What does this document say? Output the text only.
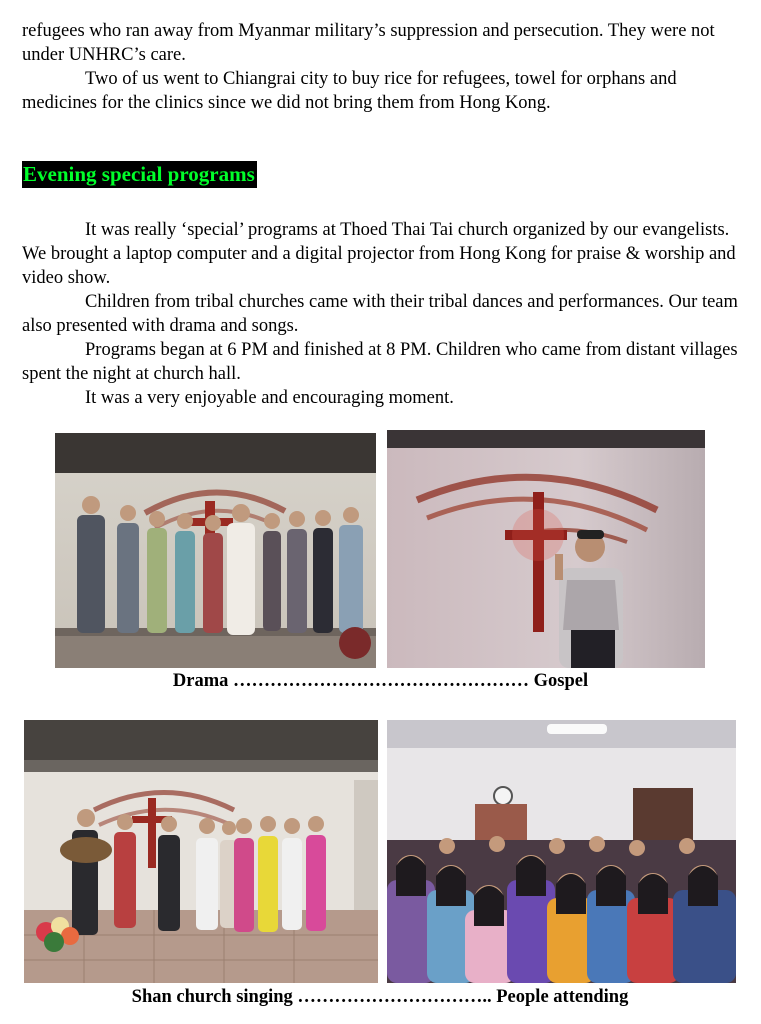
refugees who ran away from Myanmar military’s suppression and persecution. They were not under UNHRC’s care.

Two of us went to Chiangrai city to buy rice for refugees, towel for orphans and medicines for the clinics since we did not bring them from Hong Kong.

Evening special programs

It was really ‘special’ programs at Thoed Thai Tai church organized by our evangelists. We brought a laptop computer and a digital projector from Hong Kong for praise & worship and video show.

Children from tribal churches came with their tribal dances and performances. Our team also presented with drama and songs.

Programs began at 6 PM and finished at 8 PM. Children who came from distant villages spent the night at church hall.

It was a very enjoyable and encouraging moment.

Drama ………………………………………… Gospel
Shan church singing ………………………….. People attending
